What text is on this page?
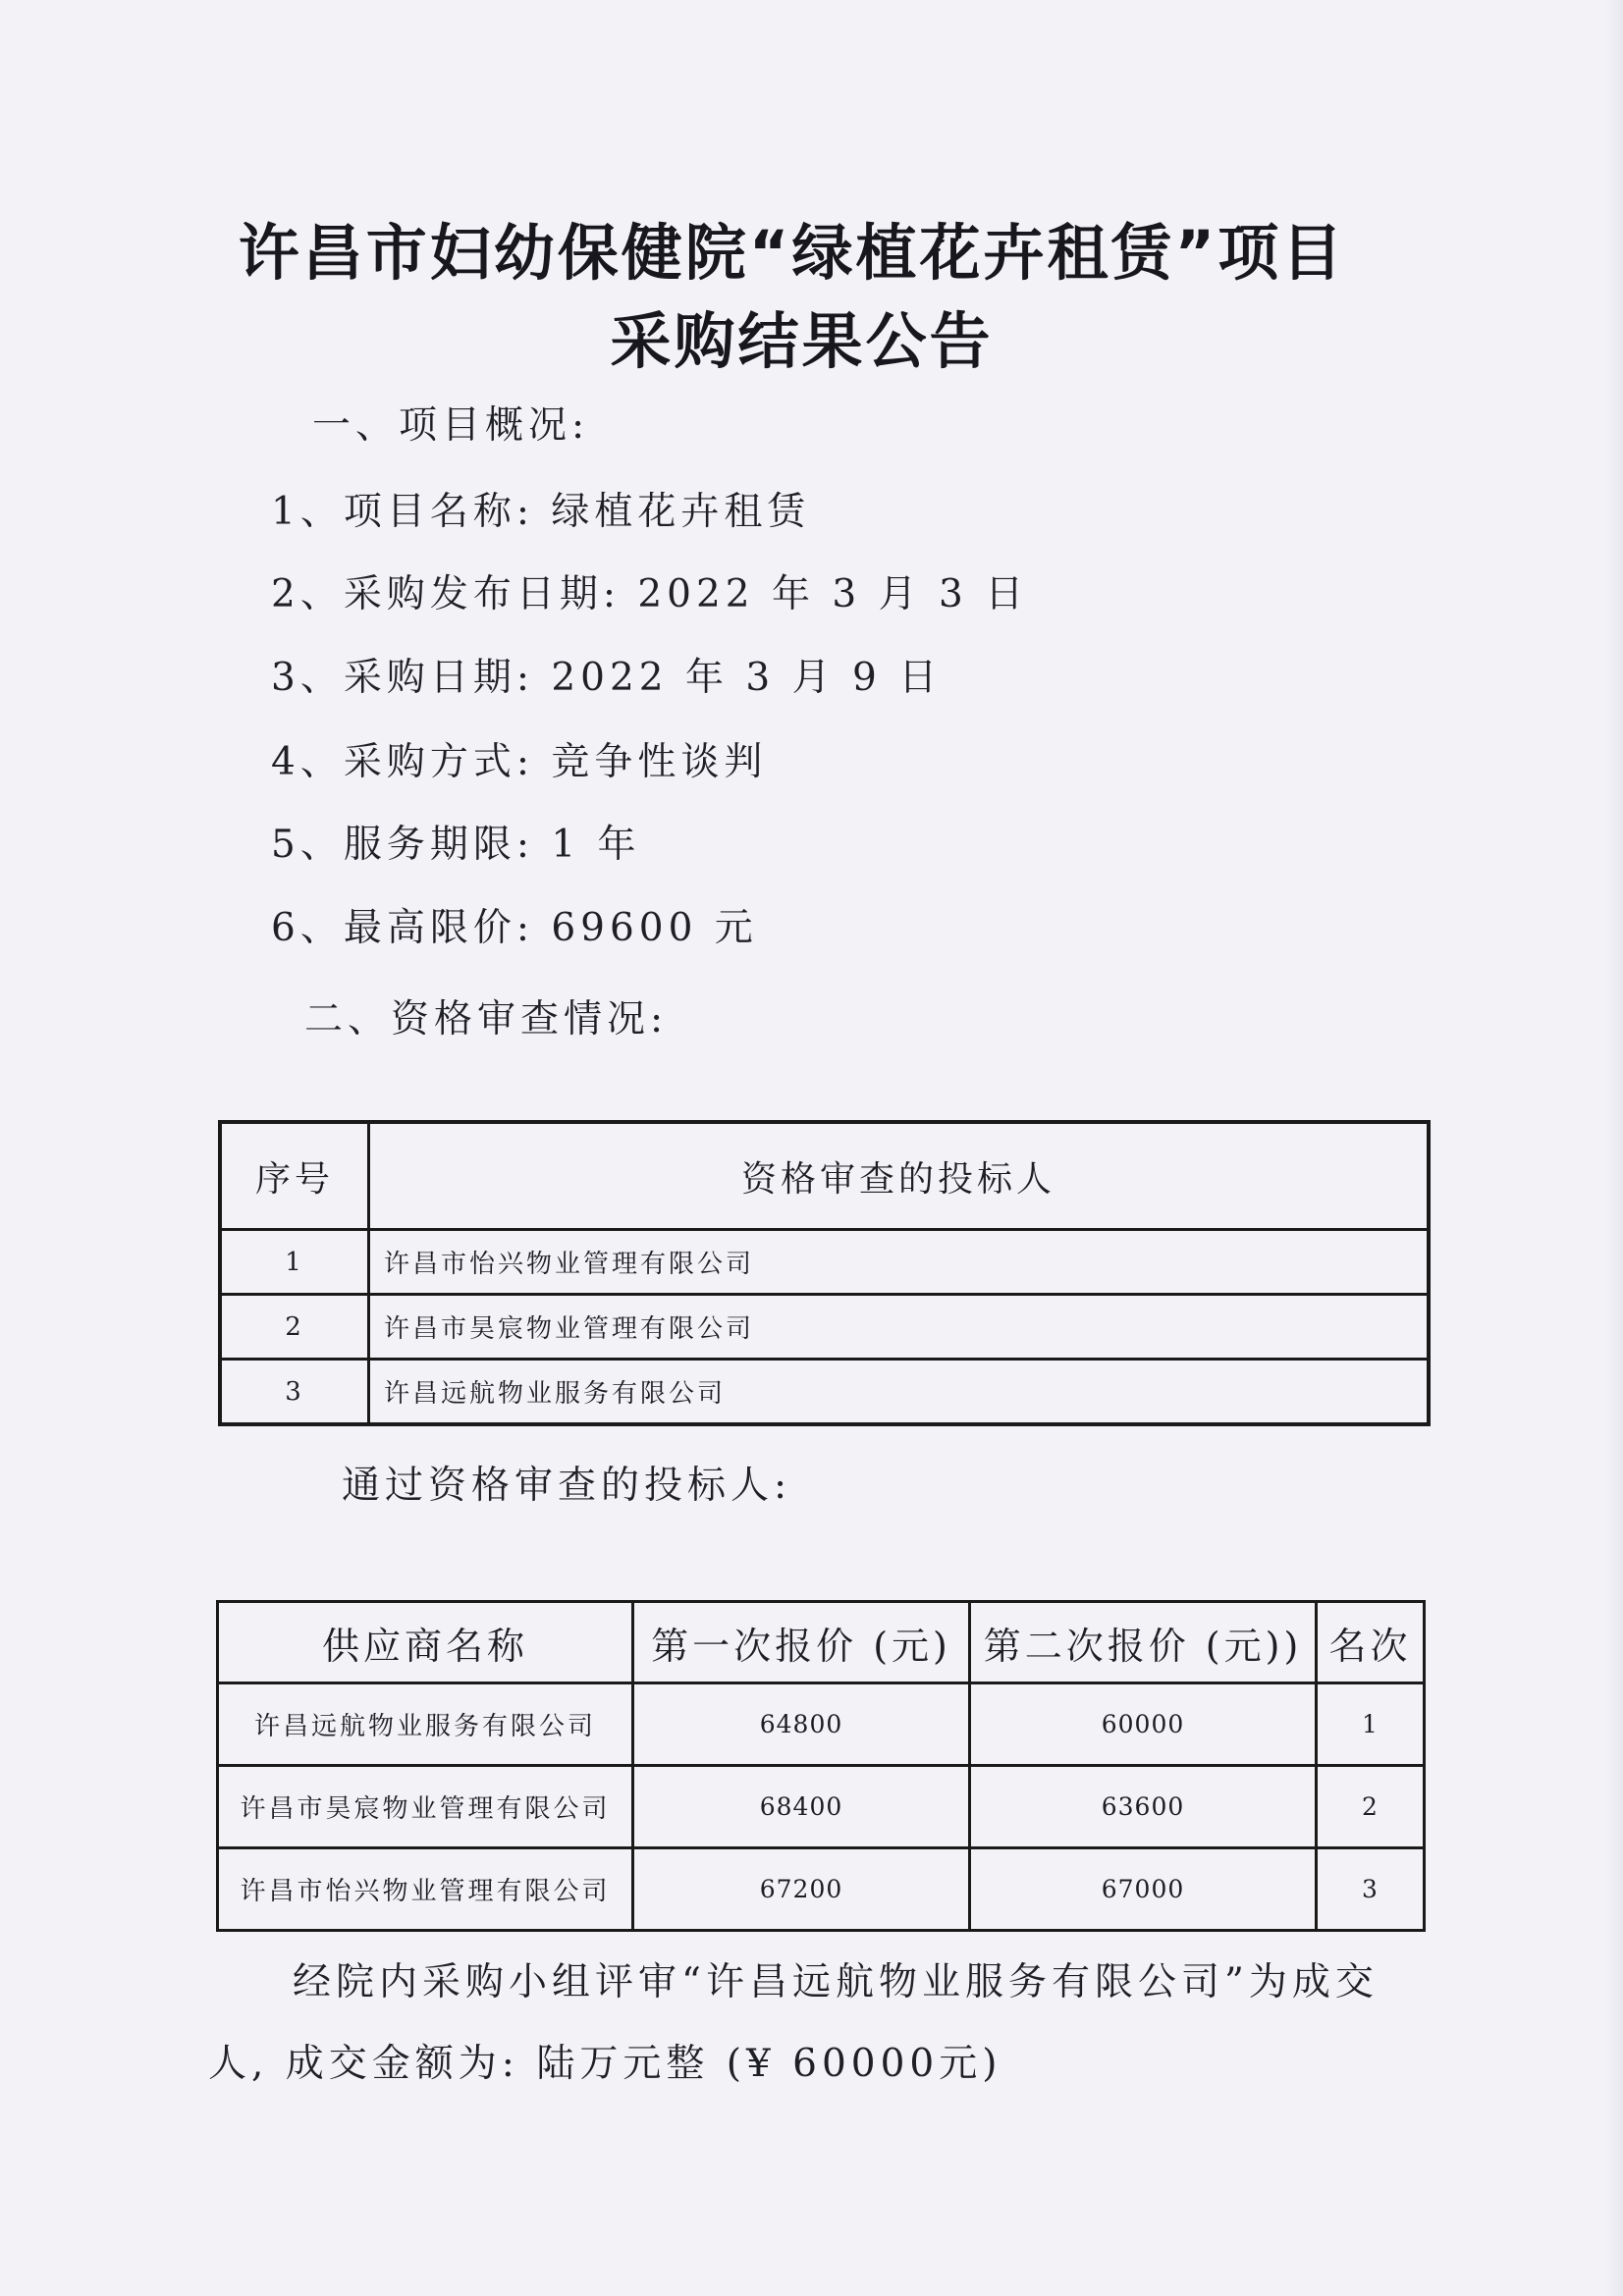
许昌市妇幼保健院“绿植花卉租赁”项目
采购结果公告
一、项目概况:
1、项目名称: 绿植花卉租赁
2、采购发布日期: 2022 年 3 月 3 日
3、采购日期: 2022 年 3 月 9 日
4、采购方式: 竞争性谈判
5、服务期限: 1 年
6、最高限价: 69600 元
二、资格审查情况:
序号	资格审查的投标人
1	许昌市怡兴物业管理有限公司
2	许昌市昊宸物业管理有限公司
3	许昌远航物业服务有限公司
通过资格审查的投标人:
供应商名称	第一次报价 (元)	第二次报价 (元))	名次
许昌远航物业服务有限公司	64800	60000	1
许昌市昊宸物业管理有限公司	68400	63600	2
许昌市怡兴物业管理有限公司	67200	67000	3
经院内采购小组评审“许昌远航物业服务有限公司”为成交
人, 成交金额为: 陆万元整 (¥ 60000元)
